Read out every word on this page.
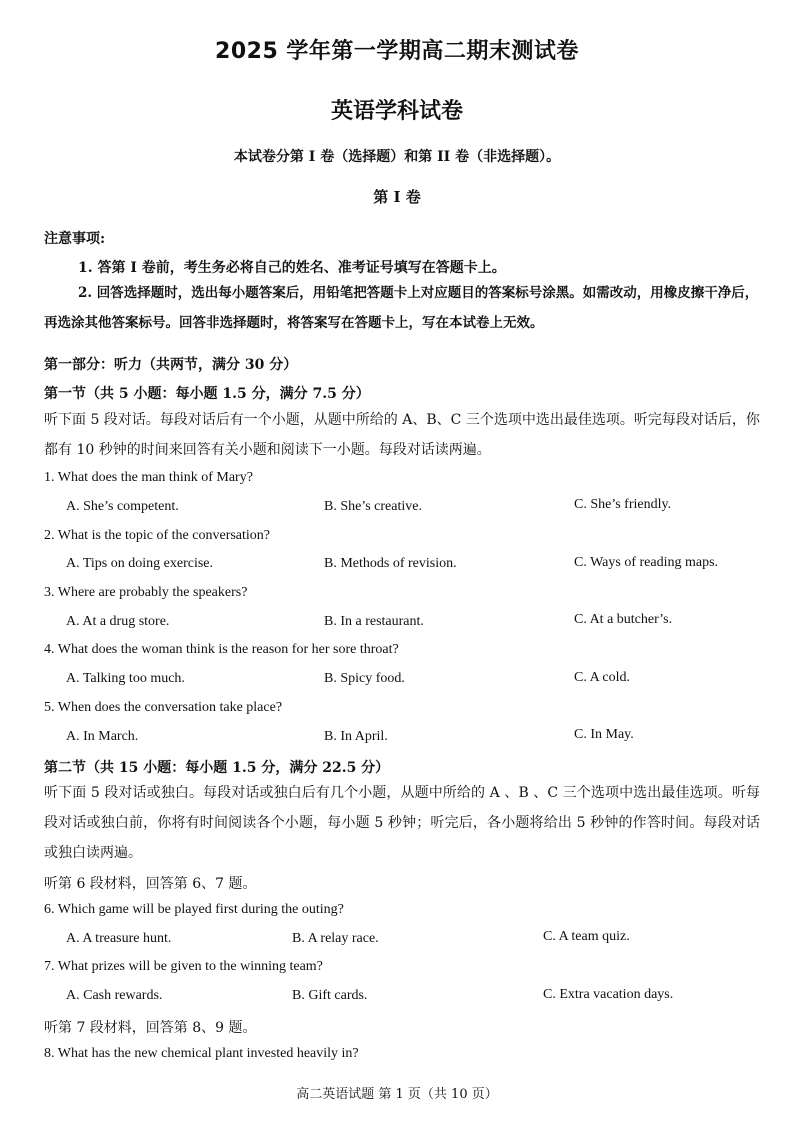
2025 学年第一学期高二期末测试卷
英语学科试卷
本试卷分第 I 卷（选择题）和第 II 卷（非选择题）。
第 I 卷
注意事项:
1. 答第 I 卷前，考生务必将自己的姓名、准考证号填写在答题卡上。
2. 回答选择题时，选出每小题答案后，用铅笔把答题卡上对应题目的答案标号涂黑。如需改动，用橡皮擦干净后，再选涂其他答案标号。回答非选择题时，将答案写在答题卡上，写在本试卷上无效。
第一部分：听力（共两节，满分 30 分）
第一节（共 5 小题：每小题 1.5 分，满分 7.5 分）
听下面 5 段对话。每段对话后有一个小题，从题中所给的 A、B、C 三个选项中选出最佳选项。听完每段对话后，你都有 10 秒钟的时间来回答有关小题和阅读下一小题。每段对话读两遍。
1. What does the man think of Mary?
A. She’s competent.	B. She’s creative.	C. She’s friendly.
2. What is the topic of the conversation?
A. Tips on doing exercise.	B. Methods of revision.	C. Ways of reading maps.
3. Where are probably the speakers?
A. At a drug store.	B. In a restaurant.	C. At a butcher’s.
4. What does the woman think is the reason for her sore throat?
A. Talking too much.	B. Spicy food.	C. A cold.
5. When does the conversation take place?
A. In March.	B. In April.	C. In May.
第二节（共 15 小题：每小题 1.5 分，满分 22.5 分）
听下面 5 段对话或独白。每段对话或独白后有几个小题，从题中所给的 A 、B 、C 三个选项中选出最佳选项。听每段对话或独白前，你将有时间阅读各个小题，每小题 5 秒钟；听完后，各小题将给出 5 秒钟的作答时间。每段对话或独白读两遍。
听第 6 段材料，回答第 6、7 题。
6. Which game will be played first during the outing?
A. A treasure hunt.	B. A relay race.	C. A team quiz.
7. What prizes will be given to the winning team?
A. Cash rewards.	B. Gift cards.	C. Extra vacation days.
听第 7 段材料，回答第 8、9 题。
8. What has the new chemical plant invested heavily in?
高二英语试题 第 1 页（共 10 页）
